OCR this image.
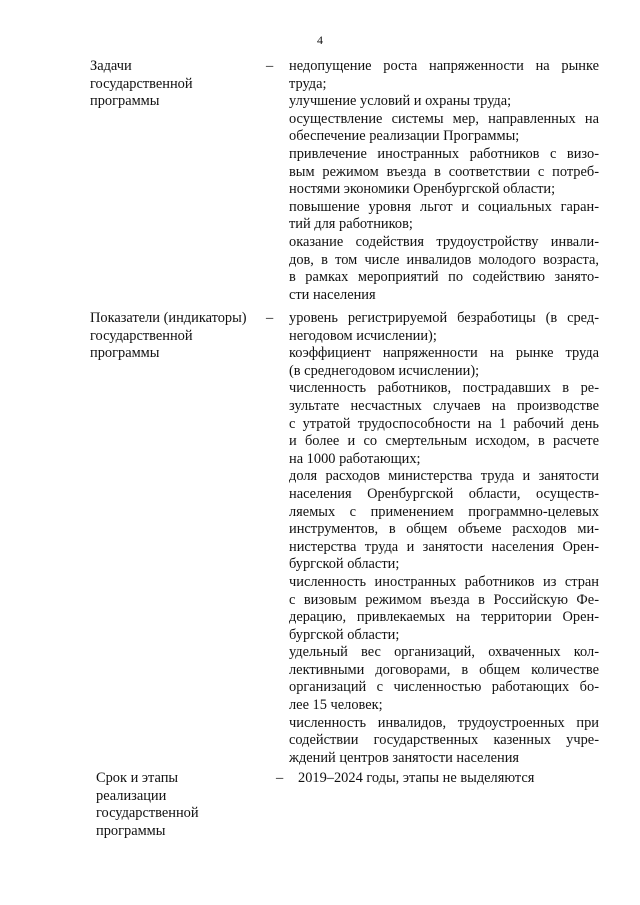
4
Задачи
государственной
программы
– недопущение роста напряженности на рынке
труда;
улучшение условий и охраны труда;
осуществление системы мер, направленных на
обеспечение реализации Программы;
привлечение иностранных работников с визо-
вым режимом въезда в соответствии с потреб-
ностями экономики Оренбургской области;
повышение уровня льгот и социальных гаран-
тий для работников;
оказание содействия трудоустройству инвали-
дов, в том числе инвалидов молодого возраста,
в рамках мероприятий по содействию занято-
сти населения
Показатели (индикаторы)
государственной
программы
– уровень регистрируемой безработицы (в сред-
негодовом исчислении);
коэффициент напряженности на рынке труда
(в среднегодовом исчислении);
численность работников, пострадавших в ре-
зультате несчастных случаев на производстве
с утратой трудоспособности на 1 рабочий день
и более и со смертельным исходом, в расчете
на 1000 работающих;
доля расходов министерства труда и занятости
населения Оренбургской области, осуществ-
ляемых с применением программно-целевых
инструментов, в общем объеме расходов ми-
нистерства труда и занятости населения Орен-
бургской области;
численность иностранных работников из стран
с визовым режимом въезда в Российскую Фе-
дерацию, привлекаемых на территории Орен-
бургской области;
удельный вес организаций, охваченных кол-
лективными договорами, в общем количестве
организаций с численностью работающих бо-
лее 15 человек;
численность инвалидов, трудоустроенных при
содействии государственных казенных учре-
ждений центров занятости населения
Срок и этапы
реализации
государственной
программы
– 2019–2024 годы, этапы не выделяются
